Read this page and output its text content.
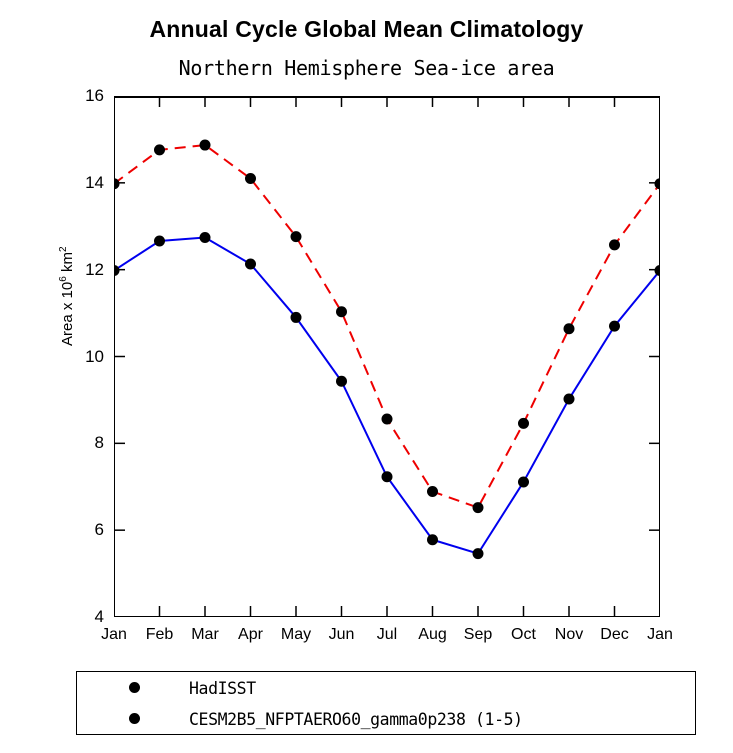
Annual Cycle Global Mean Climatology
Northern Hemisphere Sea-ice area
Area x $10^6$ $km^2$
4
6
8
10
12
14
16
Jan Feb Mar Apr May Jun Jul Aug Sep Oct Nov Dec Jan
HadISST
CESM2B5_NFPTAERO60_gamma0p238 (1-5)
